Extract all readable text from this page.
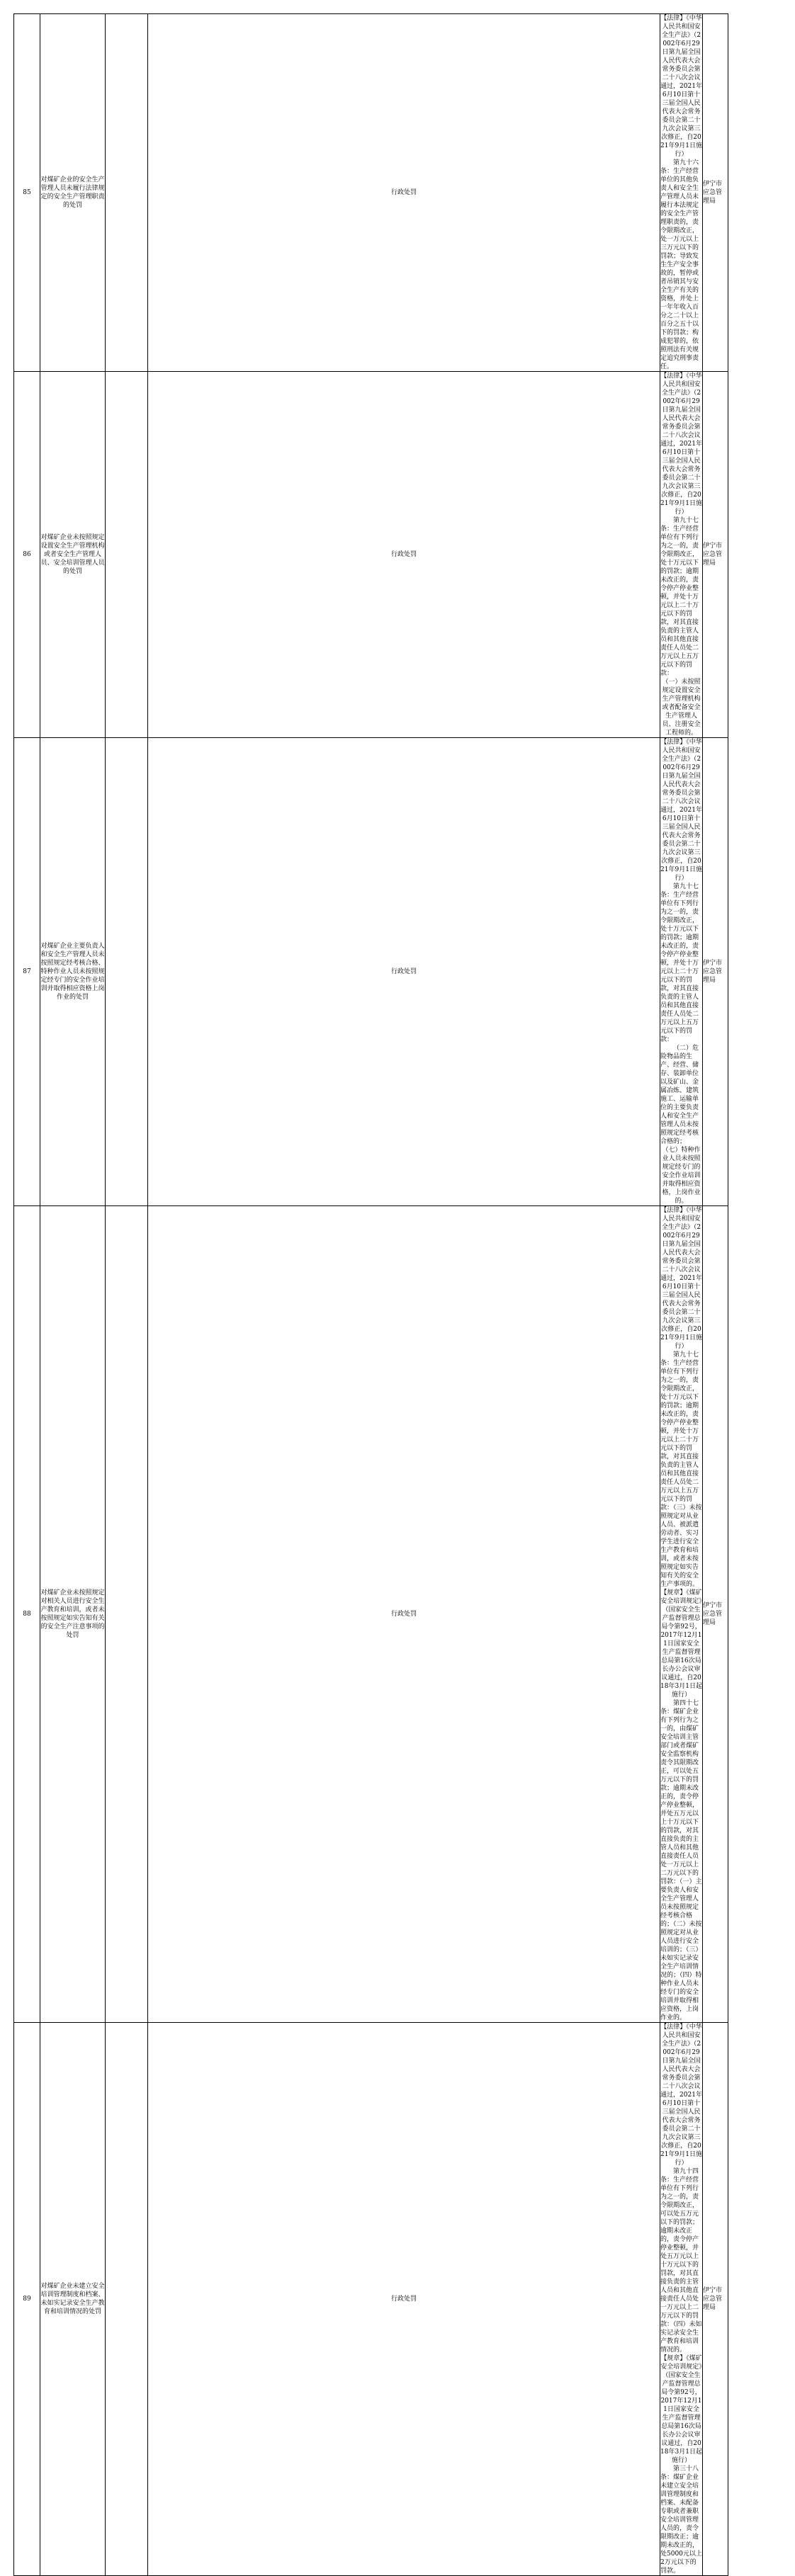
85	对煤矿企业的安全生产管理人员未履行法律规定的安全生产管理职责的处罚		行政处罚	【法律】《中华人民共和国安全生产法》（2002年6月29日第九届全国人民代表大会常务委员会第二十八次会议通过，2021年6月10日第十三届全国人民代表大会常务委员会第二十九次会议第三次修正，自2021年9月1日施行）

第九十六条：生产经营单位的其他负责人和安全生产管理人员未履行本法规定的安全生产管理职责的，责令限期改正，处一万元以上三万元以下的罚款；导致发生生产安全事故的，暂停或者吊销其与安全生产有关的资格，并处上一年年收入百分之二十以上百分之五十以下的罚款；构成犯罪的，依照刑法有关规定追究刑事责任。	伊宁市应急管理局	
86	对煤矿企业未按照规定设置安全生产管理机构或者安全生产管理人员、安全培训管理人员的处罚		行政处罚	【法律】《中华人民共和国安全生产法》（2002年6月29日第九届全国人民代表大会常务委员会第二十八次会议通过，2021年6月10日第十三届全国人民代表大会常务委员会第二十九次会议第三次修正，自2021年9月1日施行）

第九十七条：生产经营单位有下列行为之一的，责令限期改正，处十万元以下的罚款；逾期未改正的，责令停产停业整顿，并处十万元以上二十万元以下的罚款，对其直接负责的主管人员和其他直接责任人员处二万元以上五万元以下的罚款：

（一）未按照规定设置安全生产管理机构或者配备安全生产管理人员、注册安全工程师的。	伊宁市应急管理局	
87	对煤矿企业主要负责人和安全生产管理人员未按照规定经考核合格、特种作业人员未按照规定经专门的安全作业培训并取得相应资格上岗作业的处罚		行政处罚	【法律】《中华人民共和国安全生产法》（2002年6月29日第九届全国人民代表大会常务委员会第二十八次会议通过，2021年6月10日第十三届全国人民代表大会常务委员会第二十九次会议第三次修正，自2021年9月1日施行）

第九十七条：生产经营单位有下列行为之一的，责令限期改正，处十万元以下的罚款；逾期未改正的，责令停产停业整顿，并处十万元以上二十万元以下的罚款，对其直接负责的主管人员和其他直接责任人员处二万元以上五万元以下的罚款：

（二）危险物品的生产、经营、储存、装卸单位以及矿山、金属冶炼、建筑施工、运输单位的主要负责人和安全生产管理人员未按照规定经考核合格的；

（七）特种作业人员未按照规定经专门的安全作业培训并取得相应资格，上岗作业的。	伊宁市应急管理局	
88	对煤矿企业未按照规定对相关人员进行安全生产教育和培训，或者未按照规定如实告知有关的安全生产注意事项的处罚		行政处罚	【法律】《中华人民共和国安全生产法》（2002年6月29日第九届全国人民代表大会常务委员会第二十八次会议通过，2021年6月10日第十三届全国人民代表大会常务委员会第二十九次会议第三次修正，自2021年9月1日施行）

第九十七条：生产经营单位有下列行为之一的，责令限期改正，处十万元以下的罚款；逾期未改正的，责令停产停业整顿，并处十万元以上二十万元以下的罚款，对其直接负责的主管人员和其他直接责任人员处二万元以上五万元以下的罚款：（三）未按照规定对从业人员、被派遣劳动者、实习学生进行安全生产教育和培训，或者未按照规定如实告知有关的安全生产事项的。

【规章】《煤矿安全培训规定》（国家安全生产监督管理总局令第92号，2017年12月11日国家安全生产监督管理总局第16次局长办公会议审议通过，自2018年3月1日起施行）

第四十七条：煤矿企业有下列行为之一的，由煤矿安全培训主管部门或者煤矿安全监察机构责令其限期改正，可以处五万元以下的罚款；逾期未改正的，责令停产停业整顿，并处五万元以上十万元以下的罚款，对其直接负责的主管人员和其他直接责任人员处一万元以上二万元以下的罚款：（一）主要负责人和安全生产管理人员未按照规定经考核合格的；（二）未按照规定对从业人员进行安全培训的；（三）未如实记录安全生产培训情况的；（四）特种作业人员未经专门的安全培训并取得相应资格，上岗作业的。	伊宁市应急管理局	
89	对煤矿企业未建立安全培训管理制度和档案、未如实记录安全生产教育和培训情况的处罚		行政处罚	【法律】《中华人民共和国安全生产法》（2002年6月29日第九届全国人民代表大会常务委员会第二十八次会议通过，2021年6月10日第十三届全国人民代表大会常务委员会第二十九次会议第三次修正，自2021年9月1日施行）

第九十四条：生产经营单位有下列行为之一的，责令限期改正，可以处五万元以下的罚款；逾期未改正的，责令停产停业整顿，并处五万元以上十万元以下的罚款，对其直接负责的主管人员和其他直接责任人员处一万元以上二万元以下的罚款：（四）未如实记录安全生产教育和培训情况的。

【规章】《煤矿安全培训规定》（国家安全生产监督管理总局令第92号，2017年12月11日国家安全生产监督管理总局第16次局长办公会议审议通过，自2018年3月1日起施行）

第三十八条：煤矿企业未建立安全培训管理制度和档案、未配备专职或者兼职安全培训管理人员的，责令限期改正；逾期未改正的，处5000元以上2万元以下的罚款。	伊宁市应急管理局	
